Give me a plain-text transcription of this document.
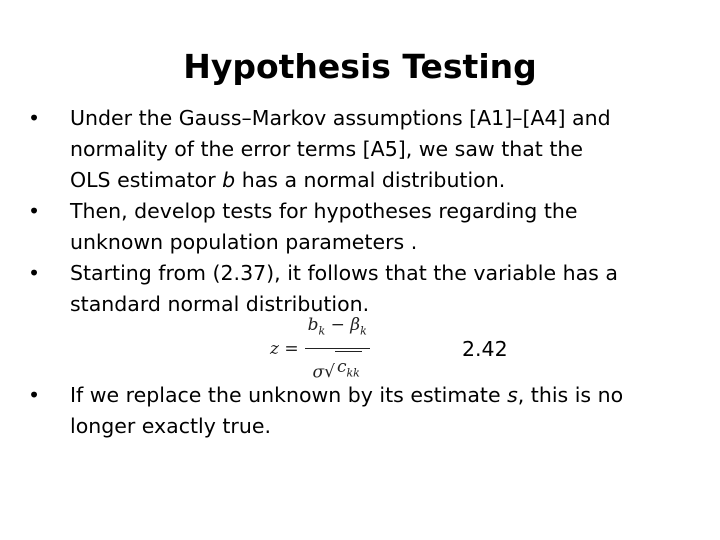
Hypothesis Testing
•	Under the Gauss–Markov assumptions [A1]–[A4] and
normality of the error terms [A5], we saw that the
OLS estimator b has a normal distribution.
•	Then, develop tests for hypotheses regarding the
unknown population parameters .
•	Starting from (2.37), it follows that the variable has a
standard normal distribution.
$z = \frac{b_k - \beta_k}{\sigma √ c_{kk}}$	2.42
•	If we replace the unknown by its estimate s, this is no
longer exactly true.
